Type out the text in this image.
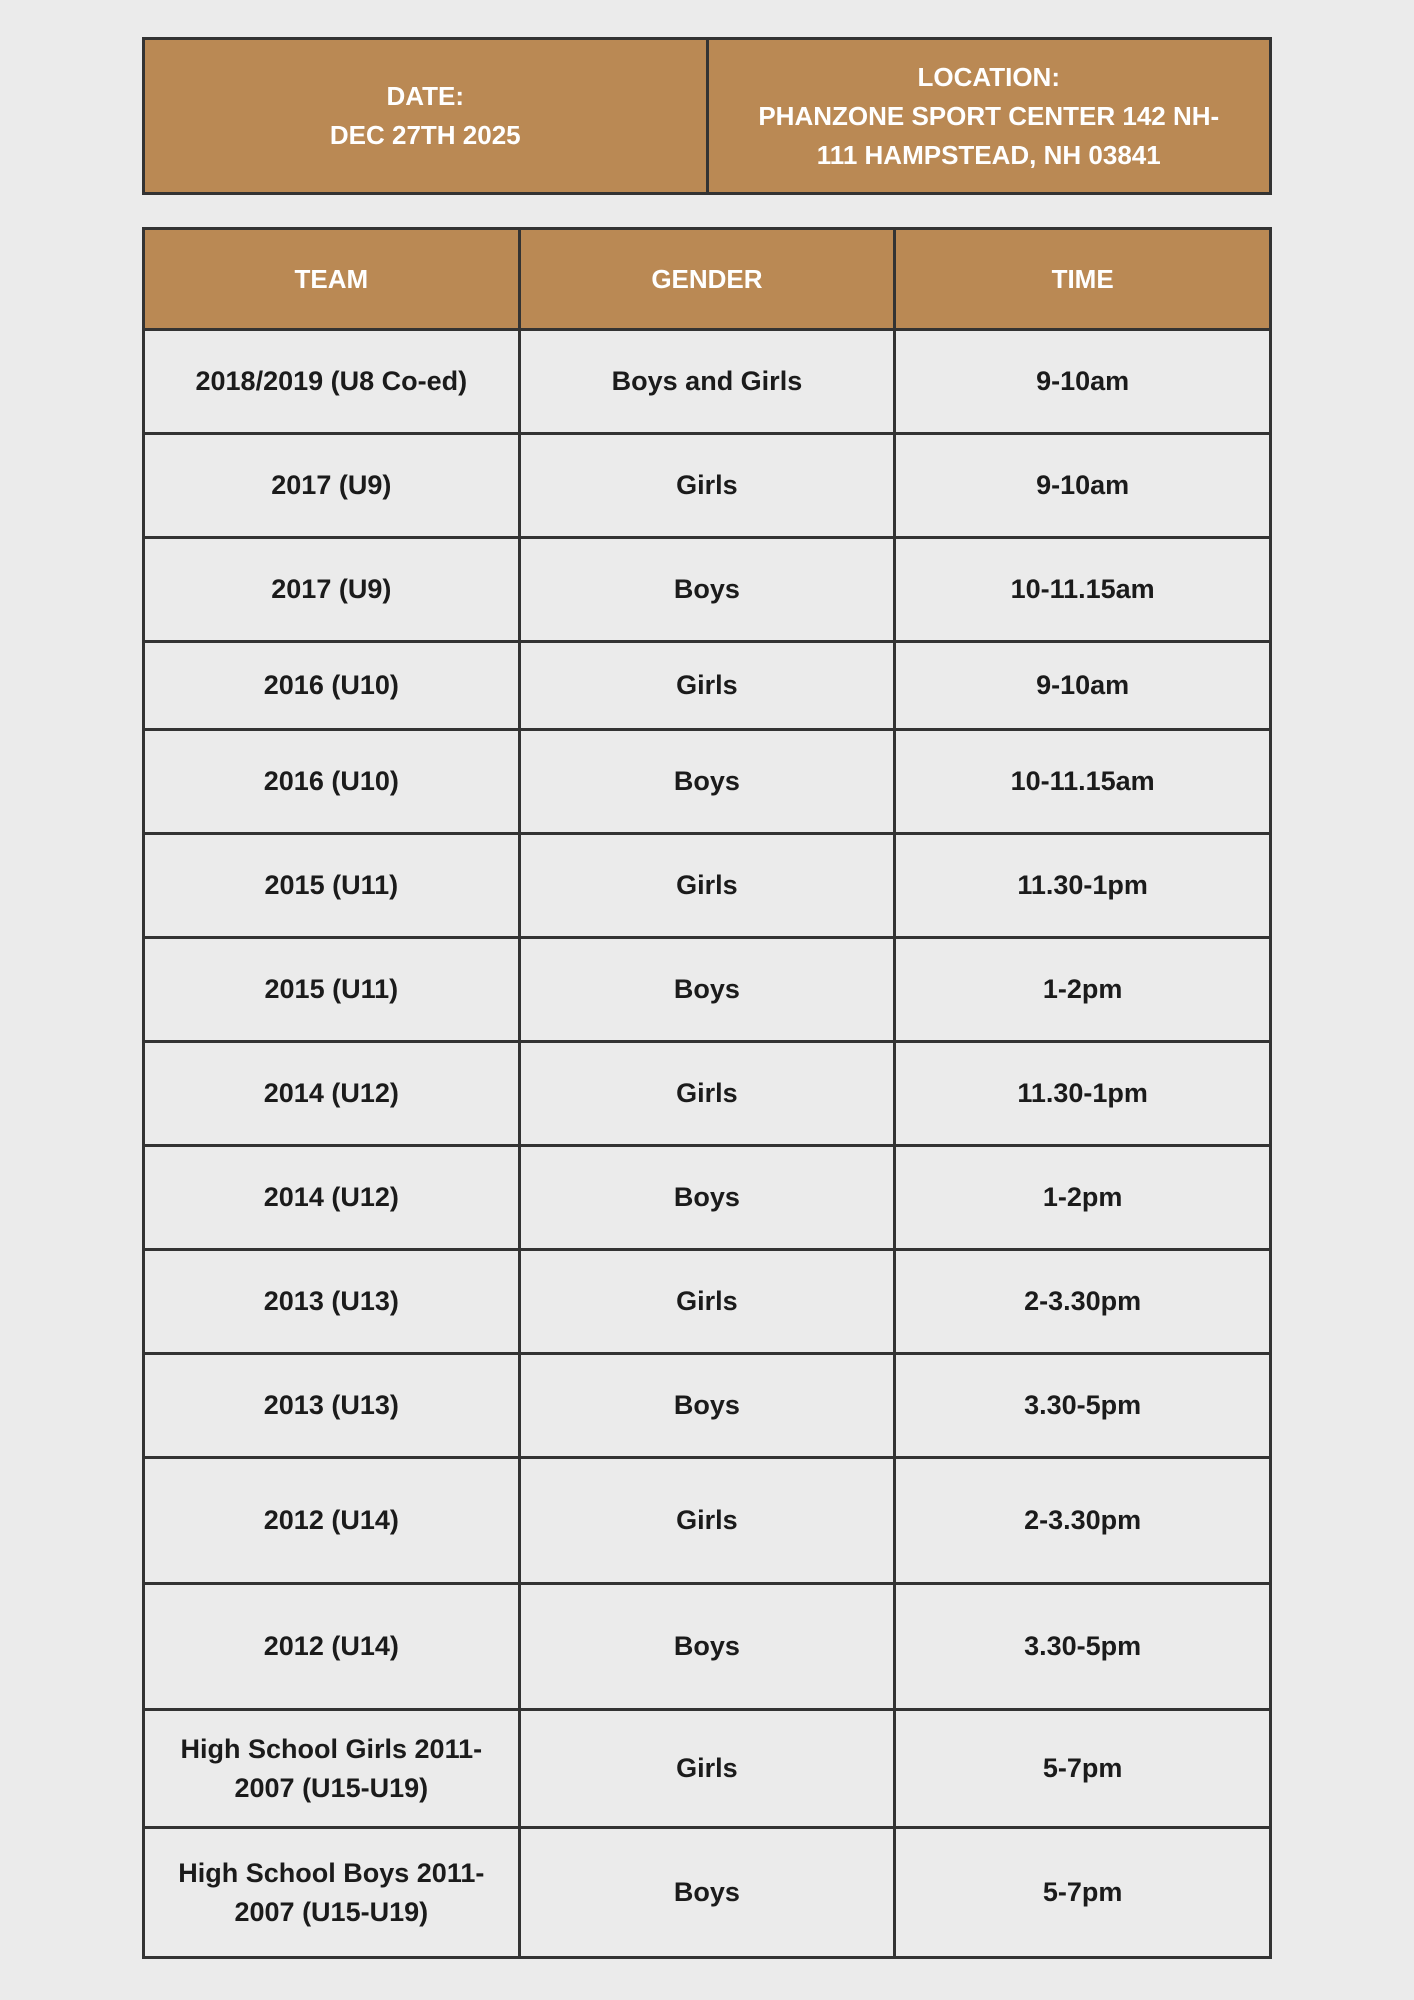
DATE:
DEC 27TH 2025

LOCATION:
PHANZONE SPORT CENTER 142 NH-
111 HAMPSTEAD, NH 03841
TEAM	GENDER	TIME
2018/2019 (U8 Co-ed)	Boys and Girls	9-10am
2017 (U9)	Girls	9-10am
2017 (U9)	Boys	10-11.15am
2016 (U10)	Girls	9-10am
2016 (U10)	Boys	10-11.15am
2015 (U11)	Girls	11.30-1pm
2015 (U11)	Boys	1-2pm
2014 (U12)	Girls	11.30-1pm
2014 (U12)	Boys	1-2pm
2013 (U13)	Girls	2-3.30pm
2013 (U13)	Boys	3.30-5pm
2012 (U14)	Girls	2-3.30pm
2012 (U14)	Boys	3.30-5pm
High School Girls 2011-2007 (U15-U19)	Girls	5-7pm
High School Boys 2011-2007 (U15-U19)	Boys	5-7pm
